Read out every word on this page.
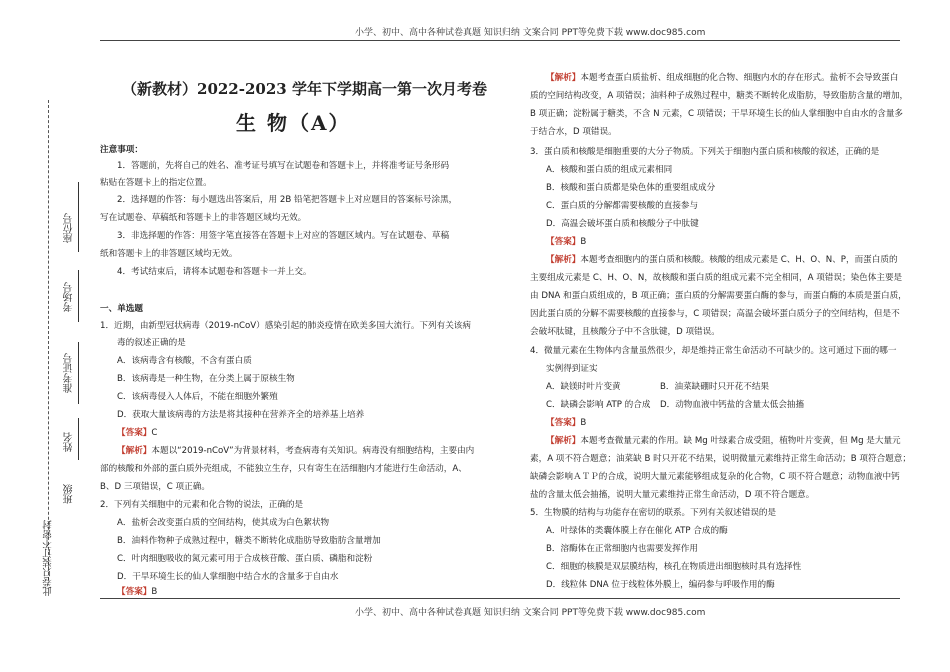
小学、初中、高中各种试卷真题 知识归纳 文案合同 PPT等免费下载 www.doc985.com
小学、初中、高中各种试卷真题 知识归纳 文案合同 PPT等免费下载 www.doc985.com
座位号
考场号
准考证号
姓名
班级
此卷只装订不密封
（新教材）2022-2023 学年下学期高一第一次月考卷
生 物（A）
注意事项：
1．答题前，先将自己的姓名、准考证号填写在试题卷和答题卡上，并将准考证号条形码
粘贴在答题卡上的指定位置。
2．选择题的作答：每小题选出答案后，用 2B 铅笔把答题卡上对应题目的答案标号涂黑，
写在试题卷、草稿纸和答题卡上的非答题区域均无效。
3．非选择题的作答：用签字笔直接答在答题卡上对应的答题区域内。写在试题卷、草稿
纸和答题卡上的非答题区域均无效。
4．考试结束后，请将本试题卷和答题卡一并上交。
一、单选题
1．近期，由新型冠状病毒（2019-nCoV）感染引起的肺炎疫情在欧美多国大流行。下列有关该病
毒的叙述正确的是
A．该病毒含有核酸，不含有蛋白质
B．该病毒是一种生物，在分类上属于原核生物
C．该病毒侵入人体后，不能在细胞外繁殖
D．获取大量该病毒的方法是将其接种在营养齐全的培养基上培养
【答案】C
【解析】本题以“2019-nCoV”为背景材料，考查病毒有关知识。病毒没有细胞结构，主要由内
部的核酸和外部的蛋白质外壳组成，不能独立生存，只有寄生在活细胞内才能进行生命活动，A、
B、D 三项错误，C 项正确。
2．下列有关细胞中的元素和化合物的说法，正确的是
A．盐析会改变蛋白质的空间结构，使其成为白色絮状物
B．油料作物种子成熟过程中，糖类不断转化成脂肪导致脂肪含量增加
C．叶肉细胞吸收的氮元素可用于合成核苷酸、蛋白质、磷脂和淀粉
D．干旱环境生长的仙人掌细胞中结合水的含量多于自由水
【答案】B
【解析】本题考查蛋白质盐析、组成细胞的化合物、细胞内水的存在形式。盐析不会导致蛋白
质的空间结构改变，A 项错误；油料种子成熟过程中，糖类不断转化成脂肪，导致脂肪含量的增加，
B 项正确；淀粉属于糖类，不含 N 元素，C 项错误；干旱环境生长的仙人掌细胞中自由水的含量多
于结合水，D 项错误。
3．蛋白质和核酸是细胞重要的大分子物质。下列关于细胞内蛋白质和核酸的叙述，正确的是
A．核酸和蛋白质的组成元素相同
B．核酸和蛋白质都是染色体的重要组成成分
C．蛋白质的分解都需要核酸的直接参与
D．高温会破坏蛋白质和核酸分子中肽键
【答案】B
【解析】本题考查细胞内的蛋白质和核酸。核酸的组成元素是 C、H、O、N、P，而蛋白质的
主要组成元素是 C、H、O、N，故核酸和蛋白质的组成元素不完全相同，A 项错误；染色体主要是
由 DNA 和蛋白质组成的，B 项正确；蛋白质的分解需要蛋白酶的参与，而蛋白酶的本质是蛋白质，
因此蛋白质的分解不需要核酸的直接参与，C 项错误；高温会破坏蛋白质分子的空间结构，但是不
会破坏肽键，且核酸分子中不含肽键，D 项错误。
4．微量元素在生物体内含量虽然很少，却是维持正常生命活动不可缺少的。这可通过下面的哪一
实例得到证实
A．缺镁时叶片变黄	B．油菜缺硼时只开花不结果
C．缺磷会影响 ATP 的合成 D．动物血液中钙盐的含量太低会抽搐
【答案】B
【解析】本题考查微量元素的作用。缺 Mg 叶绿素合成受阻，植物叶片变黄，但 Mg 是大量元
素，A 项不符合题意；油菜缺 B 时只开花不结果，说明微量元素维持正常生命活动；B 项符合题意；
缺磷会影响ＡＴＰ的合成，说明大量元素能够组成复杂的化合物，C 项不符合题意；动物血液中钙
盐的含量太低会抽搐，说明大量元素维持正常生命活动，D 项不符合题意。
5．生物膜的结构与功能存在密切的联系。下列有关叙述错误的是
A．叶绿体的类囊体膜上存在催化 ATP 合成的酶
B．溶酶体在正常细胞内也需要发挥作用
C．细胞的核膜是双层膜结构，核孔在物质进出细胞核时具有选择性
D．线粒体 DNA 位于线粒体外膜上，编码参与呼吸作用的酶
